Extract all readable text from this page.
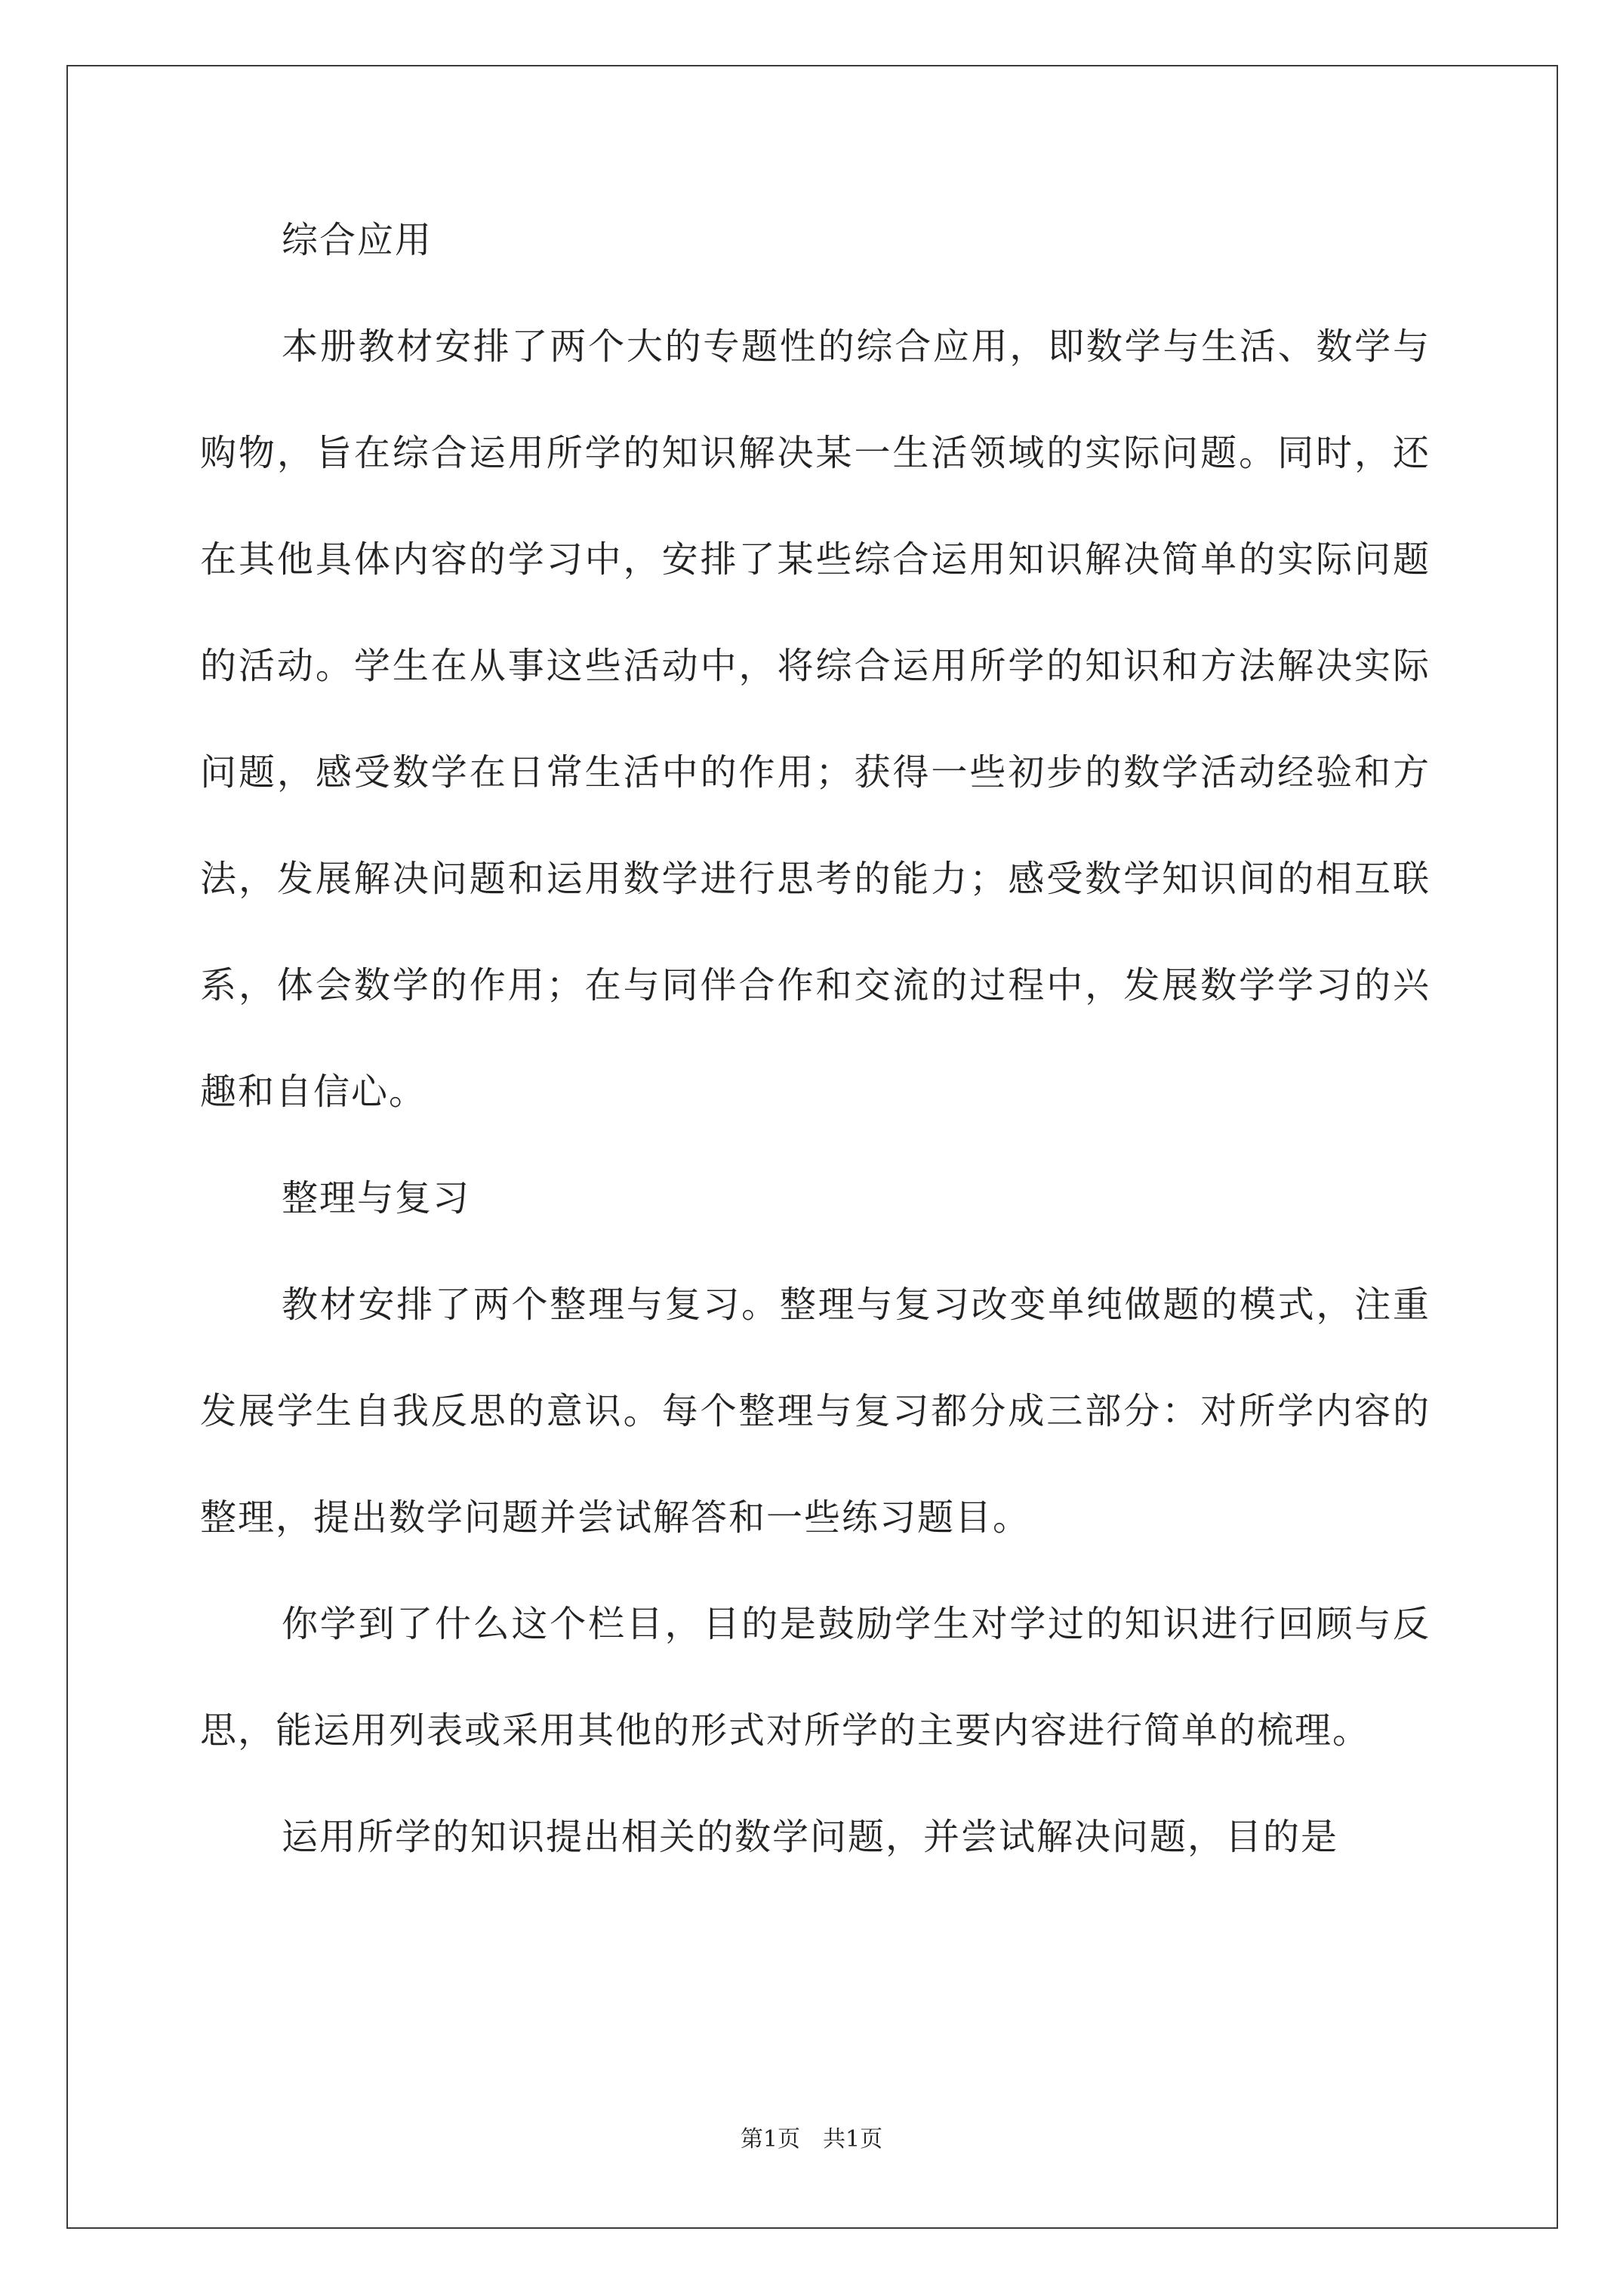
综合应用

本册教材安排了两个大的专题性的综合应用，即数学与生活、数学与购物，旨在综合运用所学的知识解决某一生活领域的实际问题。同时，还在其他具体内容的学习中，安排了某些综合运用知识解决简单的实际问题的活动。学生在从事这些活动中，将综合运用所学的知识和方法解决实际问题，感受数学在日常生活中的作用；获得一些初步的数学活动经验和方法，发展解决问题和运用数学进行思考的能力；感受数学知识间的相互联系，体会数学的作用；在与同伴合作和交流的过程中，发展数学学习的兴趣和自信心。

整理与复习

教材安排了两个整理与复习。整理与复习改变单纯做题的模式，注重发展学生自我反思的意识。每个整理与复习都分成三部分：对所学内容的整理，提出数学问题并尝试解答和一些练习题目。

你学到了什么这个栏目，目的是鼓励学生对学过的知识进行回顾与反思，能运用列表或采用其他的形式对所学的主要内容进行简单的梳理。

运用所学的知识提出相关的数学问题，并尝试解决问题，目的是

第1页　共1页
